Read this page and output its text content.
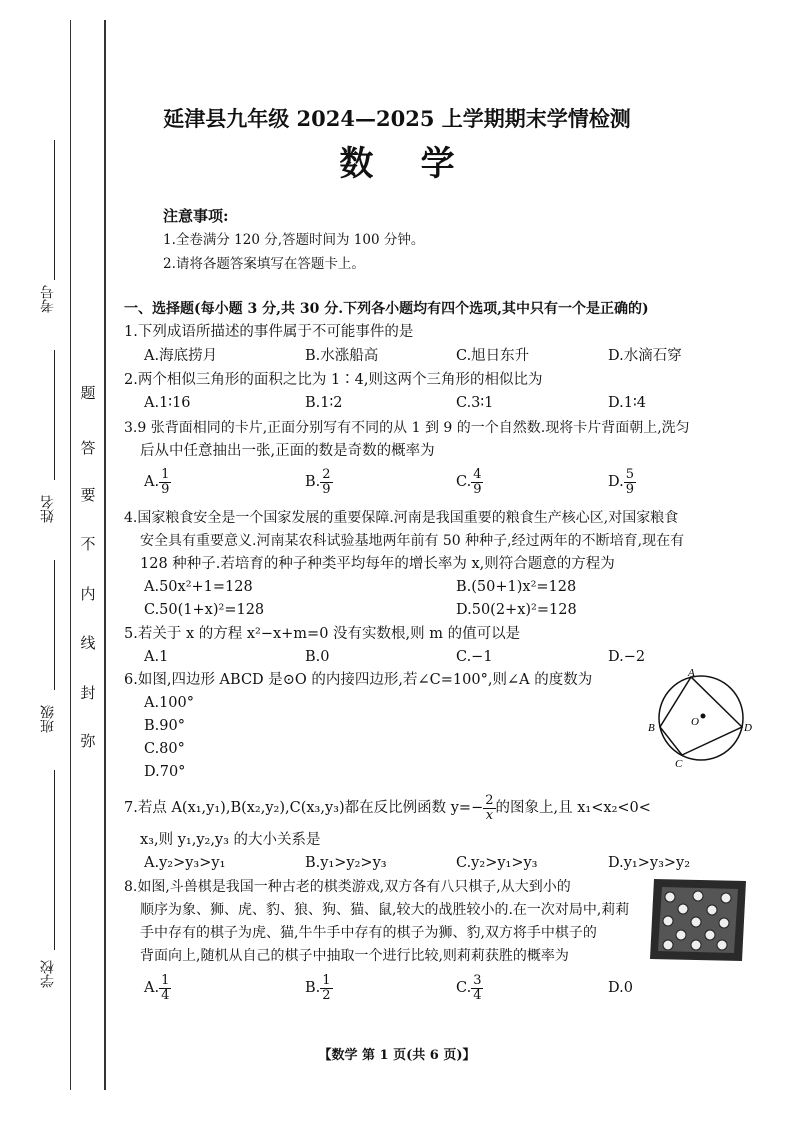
考号
姓名
班级
学校
题
答
要
不
内
线
封
弥
延津县九年级 2024—2025 上学期期末学情检测
数    学
注意事项:
1.全卷满分 120 分,答题时间为 100 分钟。
2.请将各题答案填写在答题卡上。
一、选择题(每小题 3 分,共 30 分.下列各小题均有四个选项,其中只有一个是正确的)
1.下列成语所描述的事件属于不可能事件的是
A.海底捞月	B.水涨船高	C.旭日东升	D.水滴石穿
2.两个相似三角形的面积之比为 1∶4,则这两个三角形的相似比为
A.1∶16	B.1∶2	C.3∶1	D.1∶4
3.9 张背面相同的卡片,正面分别写有不同的从 1 到 9 的一个自然数.现将卡片背面朝上,洗匀
后从中任意抽出一张,正面的数是奇数的概率为
A. $\frac{1}{9}$	B. $\frac{2}{9}$	C. $\frac{4}{9}$	D. $\frac{5}{9}$
4.国家粮食安全是一个国家发展的重要保障.河南是我国重要的粮食生产核心区,对国家粮食
安全具有重要意义.河南某农科试验基地两年前有 50 种种子,经过两年的不断培育,现在有
128 种种子.若培育的种子种类平均每年的增长率为 x,则符合题意的方程为
A.50x²+1=128	B.(50+1)x²=128
C.50(1+x)²=128	D.50(2+x)²=128
5.若关于 x 的方程 x²−x+m=0 没有实数根,则 m 的值可以是
A.1	B.0	C.−1	D.−2
6.如图,四边形 ABCD 是⊙O 的内接四边形,若∠C=100°,则∠A 的度数为
A.100°
B.90°
C.80°
D.70°
A
B
C
D
O
7.若点 A(x₁,y₁),B(x₂,y₂),C(x₃,y₃)都在反比例函数 $y=- \frac{2}{x}$ 的图象上,且 x₁<x₂<0<
x₃,则 y₁,y₂,y₃ 的大小关系是
A.y₂>y₃>y₁	B.y₁>y₂>y₃	C.y₂>y₁>y₃	D.y₁>y₃>y₂
8.如图,斗兽棋是我国一种古老的棋类游戏,双方各有八只棋子,从大到小的
顺序为象、狮、虎、豹、狼、狗、猫、鼠,较大的战胜较小的.在一次对局中,莉莉
手中存有的棋子为虎、猫,牛牛手中存有的棋子为狮、豹,双方将手中棋子的
背面向上,随机从自己的棋子中抽取一个进行比较,则莉莉获胜的概率为
A. $\frac{1}{4}$	B. $\frac{1}{2}$	C. $\frac{3}{4}$	D.0
【数学 第 1 页(共 6 页)】
